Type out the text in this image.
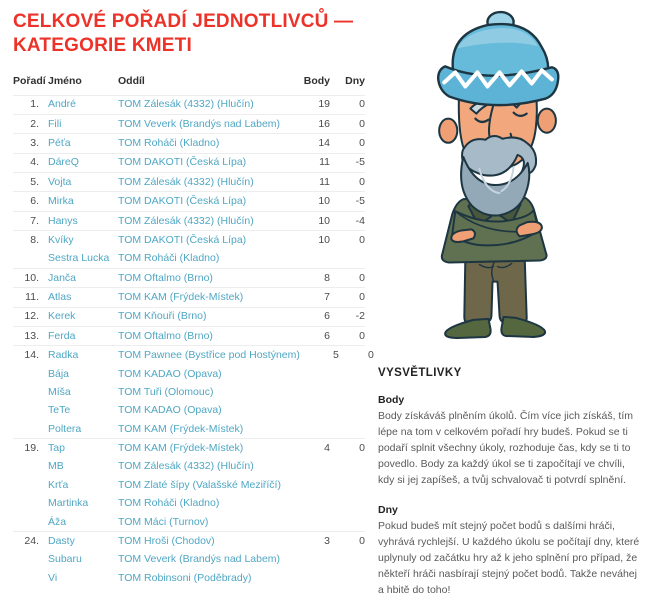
CELKOVÉ POŘADÍ JEDNOTLIVCŮ — KATEGORIE KMETI
Pořadí Jméno	Oddíl	Body	Dny
1. André	TOM Zálesák (4332) (Hlučín)	19	0
2. Fili	TOM Veverk (Brandýs nad Labem)	16	0
3. Péťa	TOM Roháči (Kladno)	14	0
4. DáreQ	TOM DAKOTI (Česká Lípa)	11	-5
5. Vojta	TOM Zálesák (4332) (Hlučín)	11	0
6. Mirka	TOM DAKOTI (Česká Lípa)	10	-5
7. Hanys	TOM Zálesák (4332) (Hlučín)	10	-4
8. Kvíky	TOM DAKOTI (Česká Lípa)	10	0
Sestra Lucka TOM Roháči (Kladno)
10. Janča	TOM Oftalmo (Brno)	8	0
11. Atlas	TOM KAM (Frýdek-Místek)	7	0
12. Kerek	TOM Kňouři (Brno)	6	-2
13. Ferda	TOM Oftalmo (Brno)	6	0
14. Radka	TOM Pawnee (Bystřice pod Hostýnem)	5	0
Bája	TOM KADAO (Opava)
Míša	TOM Tuři (Olomouc)
TeTe	TOM KADAO (Opava)
Poltera	TOM KAM (Frýdek-Místek)
19. Tap	TOM KAM (Frýdek-Místek)	4	0
MB	TOM Zálesák (4332) (Hlučín)
Krťa	TOM Zlaté šípy (Valašské Meziříčí)
Martinka	TOM Roháči (Kladno)
Áža	TOM Máci (Turnov)
24. Dasty	TOM Hroši (Chodov)	3	0
Subaru	TOM Veverk (Brandýs nad Labem)
Vi	TOM Robinsoni (Poděbrady)
VYSVĚTLIVKY
Body

Body získáváš plněním úkolů. Čím více jich získáš, tím lépe na tom v celkovém pořadí hry budeš. Pokud se ti podaří splnit všechny úkoly, rozhoduje čas, kdy se ti to povedlo. Body za každý úkol se ti započítají ve chvíli, kdy si jej zapíšeš, a tvůj schvalovač ti potvrdí splnění.

Dny

Pokud budeš mít stejný počet bodů s dalšími hráči, vyhrává rychlejší. U každého úkolu se počítají dny, které uplynuly od začátku hry až k jeho splnění pro případ, že někteří hráči nasbírají stejný počet bodů. Takže neváhej a hbitě do toho!
